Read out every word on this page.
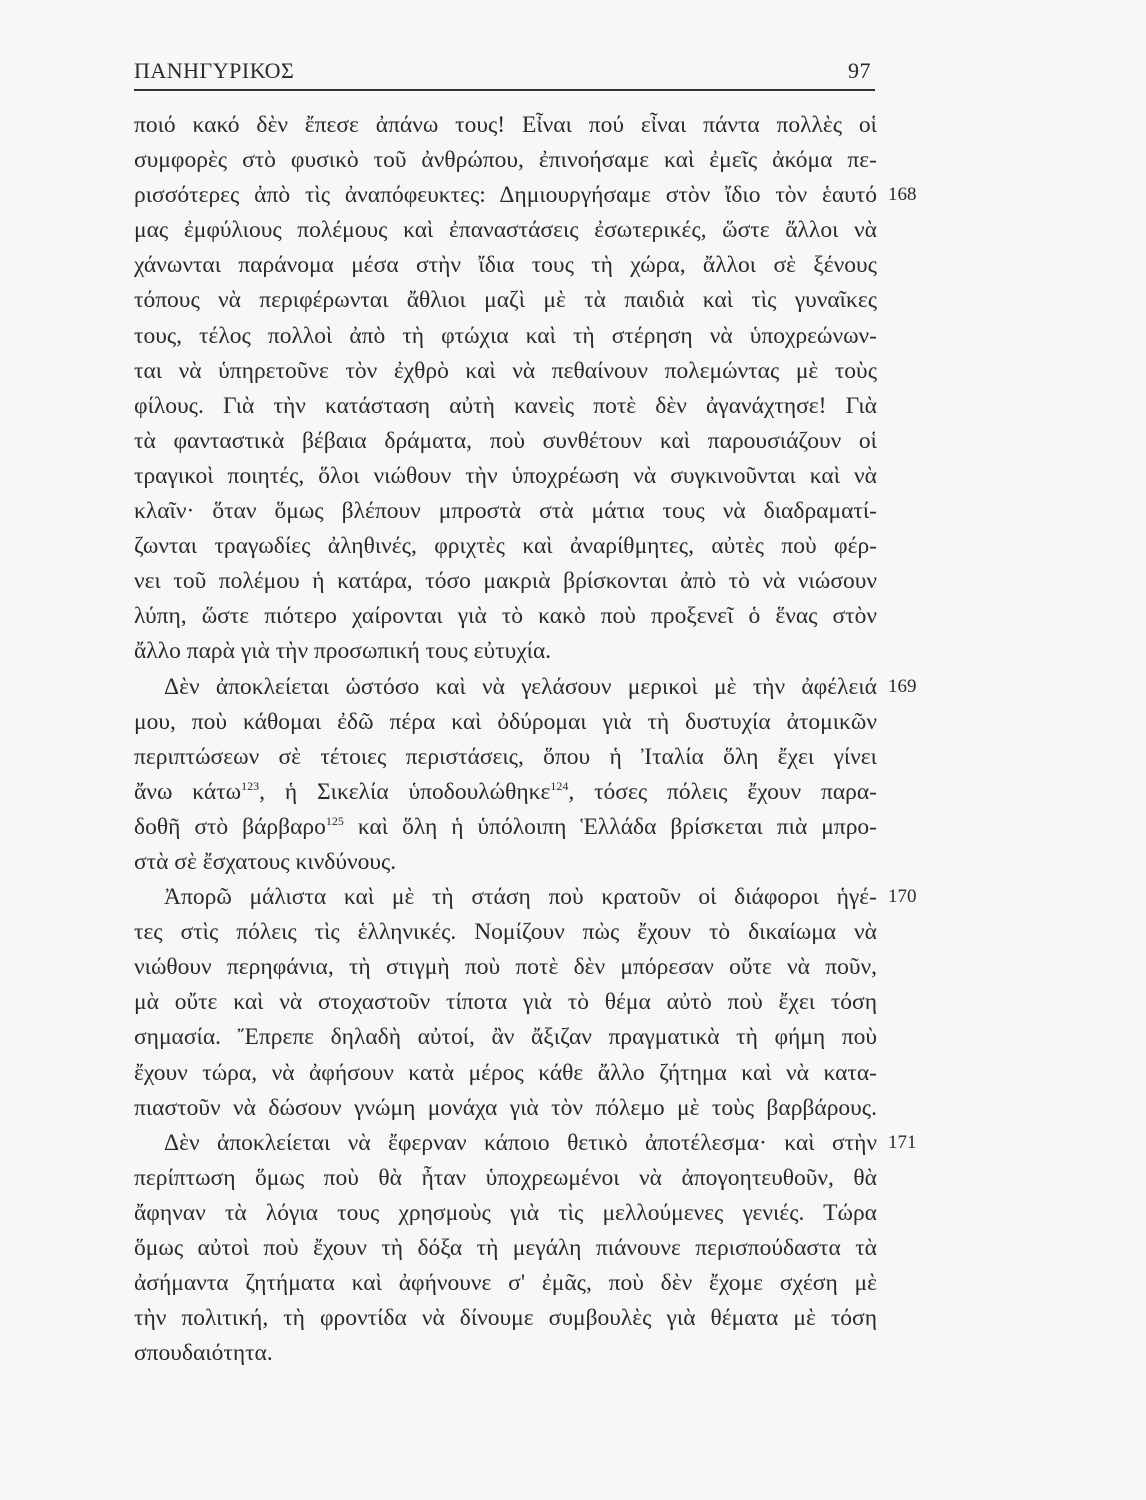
ΠΑΝΗΓΥΡΙΚΟΣ	97
ποιό κακό δὲν ἔπεσε ἀπάνω τους! Εἶναι πού εἶναι πάντα πολλὲς οἱ
συμφορὲς στὸ φυσικὸ τοῦ ἀνθρώπου, ἐπινοήσαμε καὶ ἐμεῖς ἀκόμα πε-
ρισσότερες ἀπὸ τὶς ἀναπόφευκτες: Δημιουργήσαμε στὸν ἴδιο τὸν ἑαυτό
μας ἐμφύλιους πολέμους καὶ ἐπαναστάσεις ἐσωτερικές, ὥστε ἄλλοι νὰ
χάνωνται παράνομα μέσα στὴν ἴδια τους τὴ χώρα, ἄλλοι σὲ ξένους
τόπους νὰ περιφέρωνται ἄθλιοι μαζὶ μὲ τὰ παιδιὰ καὶ τὶς γυναῖκες
τους, τέλος πολλοὶ ἀπὸ τὴ φτώχια καὶ τὴ στέρηση νὰ ὑποχρεώνων-
ται νὰ ὑπηρετοῦνε τὸν ἐχθρὸ καὶ νὰ πεθαίνουν πολεμώντας μὲ τοὺς
φίλους. Γιὰ τὴν κατάσταση αὐτὴ κανεὶς ποτὲ δὲν ἀγανάχτησε! Γιὰ
τὰ φανταστικὰ βέβαια δράματα, ποὺ συνθέτουν καὶ παρουσιάζουν οἱ
τραγικοὶ ποιητές, ὅλοι νιώθουν τὴν ὑποχρέωση νὰ συγκινοῦνται καὶ νὰ
κλαῖν· ὅταν ὅμως βλέπουν μπροστὰ στὰ μάτια τους νὰ διαδραματί-
ζωνται τραγωδίες ἀληθινές, φριχτὲς καὶ ἀναρίθμητες, αὐτὲς ποὺ φέρ-
νει τοῦ πολέμου ἡ κατάρα, τόσο μακριὰ βρίσκονται ἀπὸ τὸ νὰ νιώσουν
λύπη, ὥστε πιότερο χαίρονται γιὰ τὸ κακὸ ποὺ προξενεῖ ὁ ἕνας στὸν
ἄλλο παρὰ γιὰ τὴν προσωπική τους εὐτυχία.
Δὲν ἀποκλείεται ὡστόσο καὶ νὰ γελάσουν μερικοὶ μὲ τὴν ἀφέλειά
μου, ποὺ κάθομαι ἐδῶ πέρα καὶ ὀδύρομαι γιὰ τὴ δυστυχία ἀτομικῶν
περιπτώσεων σὲ τέτοιες περιστάσεις, ὅπου ἡ Ἰταλία ὅλη ἔχει γίνει
ἄνω κάτω$^{123}$, ἡ Σικελία ὑποδουλώθηκε$^{124}$, τόσες πόλεις ἔχουν παρα-
δοθῆ στὸ βάρβαρο$^{125}$ καὶ ὅλη ἡ ὑπόλοιπη Ἑλλάδα βρίσκεται πιὰ μπρο-
στὰ σὲ ἔσχατους κινδύνους.
Ἀπορῶ μάλιστα καὶ μὲ τὴ στάση ποὺ κρατοῦν οἱ διάφοροι ἡγέ-
τες στὶς πόλεις τὶς ἑλληνικές. Νομίζουν πὼς ἔχουν τὸ δικαίωμα νὰ
νιώθουν περηφάνια, τὴ στιγμὴ ποὺ ποτὲ δὲν μπόρεσαν οὔτε νὰ ποῦν,
μὰ οὔτε καὶ νὰ στοχαστοῦν τίποτα γιὰ τὸ θέμα αὐτὸ ποὺ ἔχει τόση
σημασία. Ἔπρεπε δηλαδὴ αὐτοί, ἂν ἄξιζαν πραγματικὰ τὴ φήμη ποὺ
ἔχουν τώρα, νὰ ἀφήσουν κατὰ μέρος κάθε ἄλλο ζήτημα καὶ νὰ κατα-
πιαστοῦν νὰ δώσουν γνώμη μονάχα γιὰ τὸν πόλεμο μὲ τοὺς βαρβάρους.
Δὲν ἀποκλείεται νὰ ἔφερναν κάποιο θετικὸ ἀποτέλεσμα· καὶ στὴν
περίπτωση ὅμως ποὺ θὰ ἦταν ὑποχρεωμένοι νὰ ἀπογοητευθοῦν, θὰ
ἄφηναν τὰ λόγια τους χρησμοὺς γιὰ τὶς μελλούμενες γενιές. Τώρα
ὅμως αὐτοὶ ποὺ ἔχουν τὴ δόξα τὴ μεγάλη πιάνουνε περισπούδαστα τὰ
ἀσήμαντα ζητήματα καὶ ἀφήνουνε σ' ἐμᾶς, ποὺ δὲν ἔχομε σχέση μὲ
τὴν πολιτική, τὴ φροντίδα νὰ δίνουμε συμβουλὲς γιὰ θέματα μὲ τόση
σπουδαιότητα.
168
169
170
171
